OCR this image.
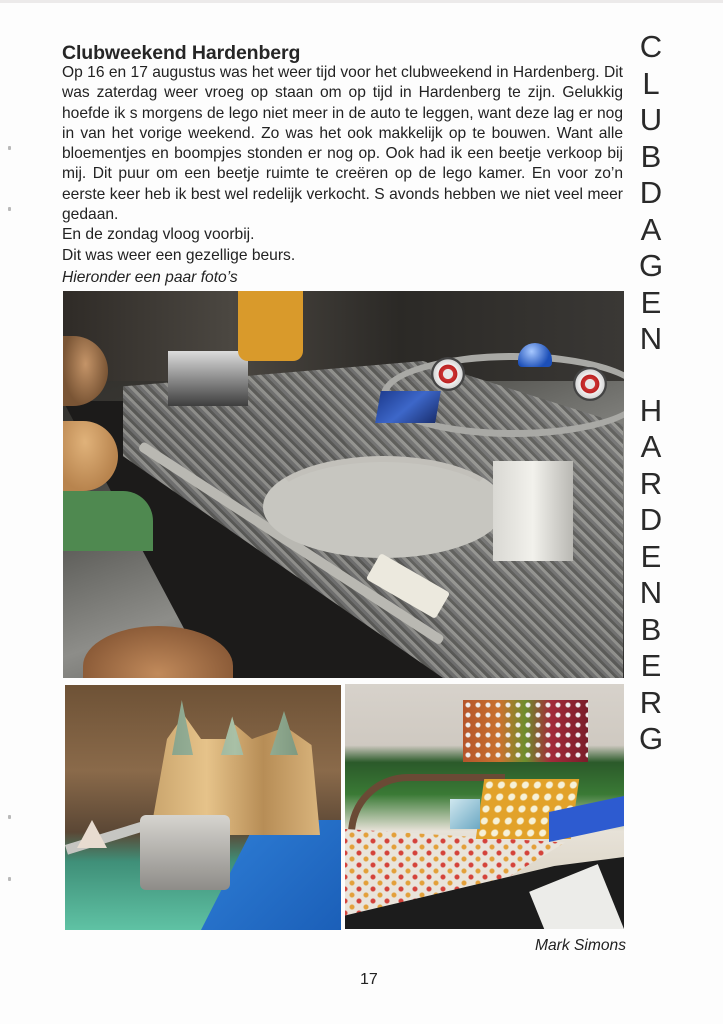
Clubweekend Hardenberg

Op 16 en 17 augustus was het weer tijd voor het clubweekend in Hardenberg. Dit was zaterdag weer vroeg op staan om op tijd in Hardenberg te zijn. Gelukkig hoefde ik s morgens de lego niet meer in de auto te leggen, want deze lag er nog in van het vorige weekend. Zo was het ook makkelijk op te bouwen. Want alle bloementjes en boompjes stonden er nog op. Ook had ik een beetje verkoop bij mij. Dit puur om een beetje ruimte te creëren op de lego kamer. En voor zo’n eerste keer heb ik best wel redelijk verkocht. S avonds hebben we niet veel meer gedaan.

En de zondag vloog voorbij.

Dit was weer een gezellige beurs.

Hieronder een paar foto’s
C
L
U
B
D
A
G
E
N
H
A
R
D
E
N
B
E
R
G
Mark Simons
17
